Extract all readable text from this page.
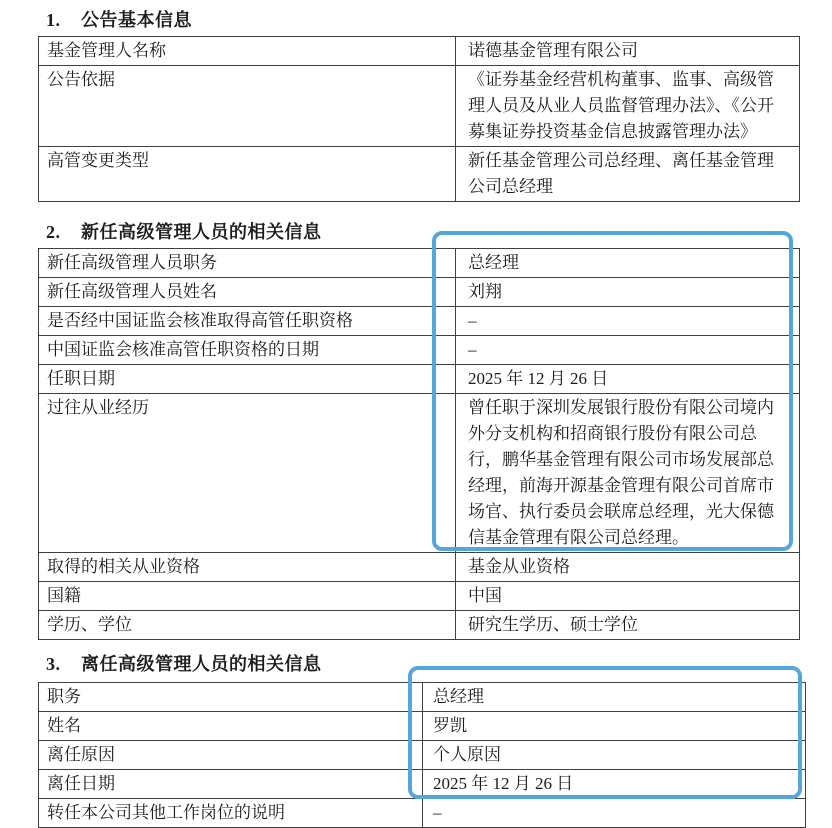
1. 公告基本信息
基金管理人名称	诺德基金管理有限公司
公告依据	《证券基金经营机构董事、监事、高级管理人员及从业人员监督管理办法》、《公开募集证券投资基金信息披露管理办法》
高管变更类型	新任基金管理公司总经理、离任基金管理公司总经理
2. 新任高级管理人员的相关信息
新任高级管理人员职务	总经理
新任高级管理人员姓名	刘翔
是否经中国证监会核准取得高管任职资格	–
中国证监会核准高管任职资格的日期	–
任职日期	2025 年 12 月 26 日
过往从业经历	曾任职于深圳发展银行股份有限公司境内外分支机构和招商银行股份有限公司总行，鹏华基金管理有限公司市场发展部总经理，前海开源基金管理有限公司首席市场官、执行委员会联席总经理，光大保德信基金管理有限公司总经理。
取得的相关从业资格	基金从业资格
国籍	中国
学历、学位	研究生学历、硕士学位
3. 离任高级管理人员的相关信息
职务	总经理
姓名	罗凯
离任原因	个人原因
离任日期	2025 年 12 月 26 日
转任本公司其他工作岗位的说明	–
